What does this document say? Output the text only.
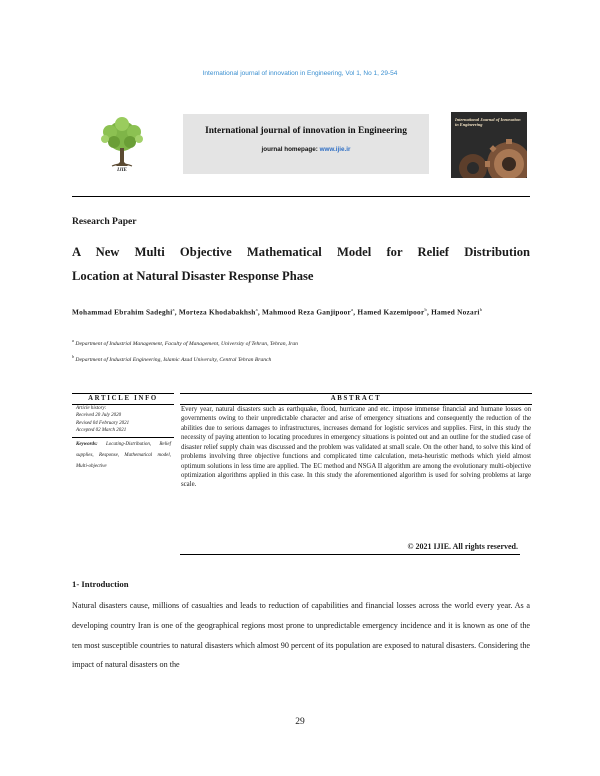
International journal of innovation in Engineering, Vol 1, No 1, 29-54
IJIE
International journal of innovation in Engineering
journal homepage: www.ijie.ir
International Journal of Innovation in Engineering
Research Paper
A New Multi Objective Mathematical Model for Relief Distribution
Location at Natural Disaster Response Phase
Mohammad Ebrahim Sadeghi$^a$, Morteza Khodabakhsh$^a$, Mahmood Reza Ganjipoor$^a$, Hamed Kazemipoor$^b$, Hamed Nozari$^b$
$^a$ Department of Industrial Management, Faculty of Management, University of Tehran, Tehran, Iran
$^b$ Department of Industrial Engineering, Islamic Azad University, Central Tehran Branch
ARTICLE INFO	ABSTRACT
Article history:
Received 20 July 2020
Revised 04 February 2021
Accepted 02 March 2021
Keywords: Locating-Distribution, Relief supplies, Response, Mathematical model, Multi-objective
Every year, natural disasters such as earthquake, flood, hurricane and etc. impose immense financial and humane losses on governments owing to their unpredictable character and arise of emergency situations and consequently the reduction of the abilities due to serious damages to infrastructures, increases demand for logistic services and supplies. First, in this study the necessity of paying attention to locating procedures in emergency situations is pointed out and an outline for the studied case of disaster relief supply chain was discussed and the problem was validated at small scale. On the other hand, to solve this kind of problems involving three objective functions and complicated time calculation, meta-heuristic methods which yield almost optimum solutions in less time are applied. The EC method and NSGA II algorithm are among the evolutionary multi-objective optimization algorithms applied in this case. In this study the aforementioned algorithm is used for solving problems at large scale.
© 2021 IJIE. All rights reserved.
1- Introduction
Natural disasters cause, millions of casualties and leads to reduction of capabilities and financial losses across the world every year. As a developing country Iran is one of the geographical regions most prone to unpredictable emergency incidence and it is known as one of the ten most susceptible countries to natural disasters which almost 90 percent of its population are exposed to natural disasters. Considering the impact of natural disasters on the
29
